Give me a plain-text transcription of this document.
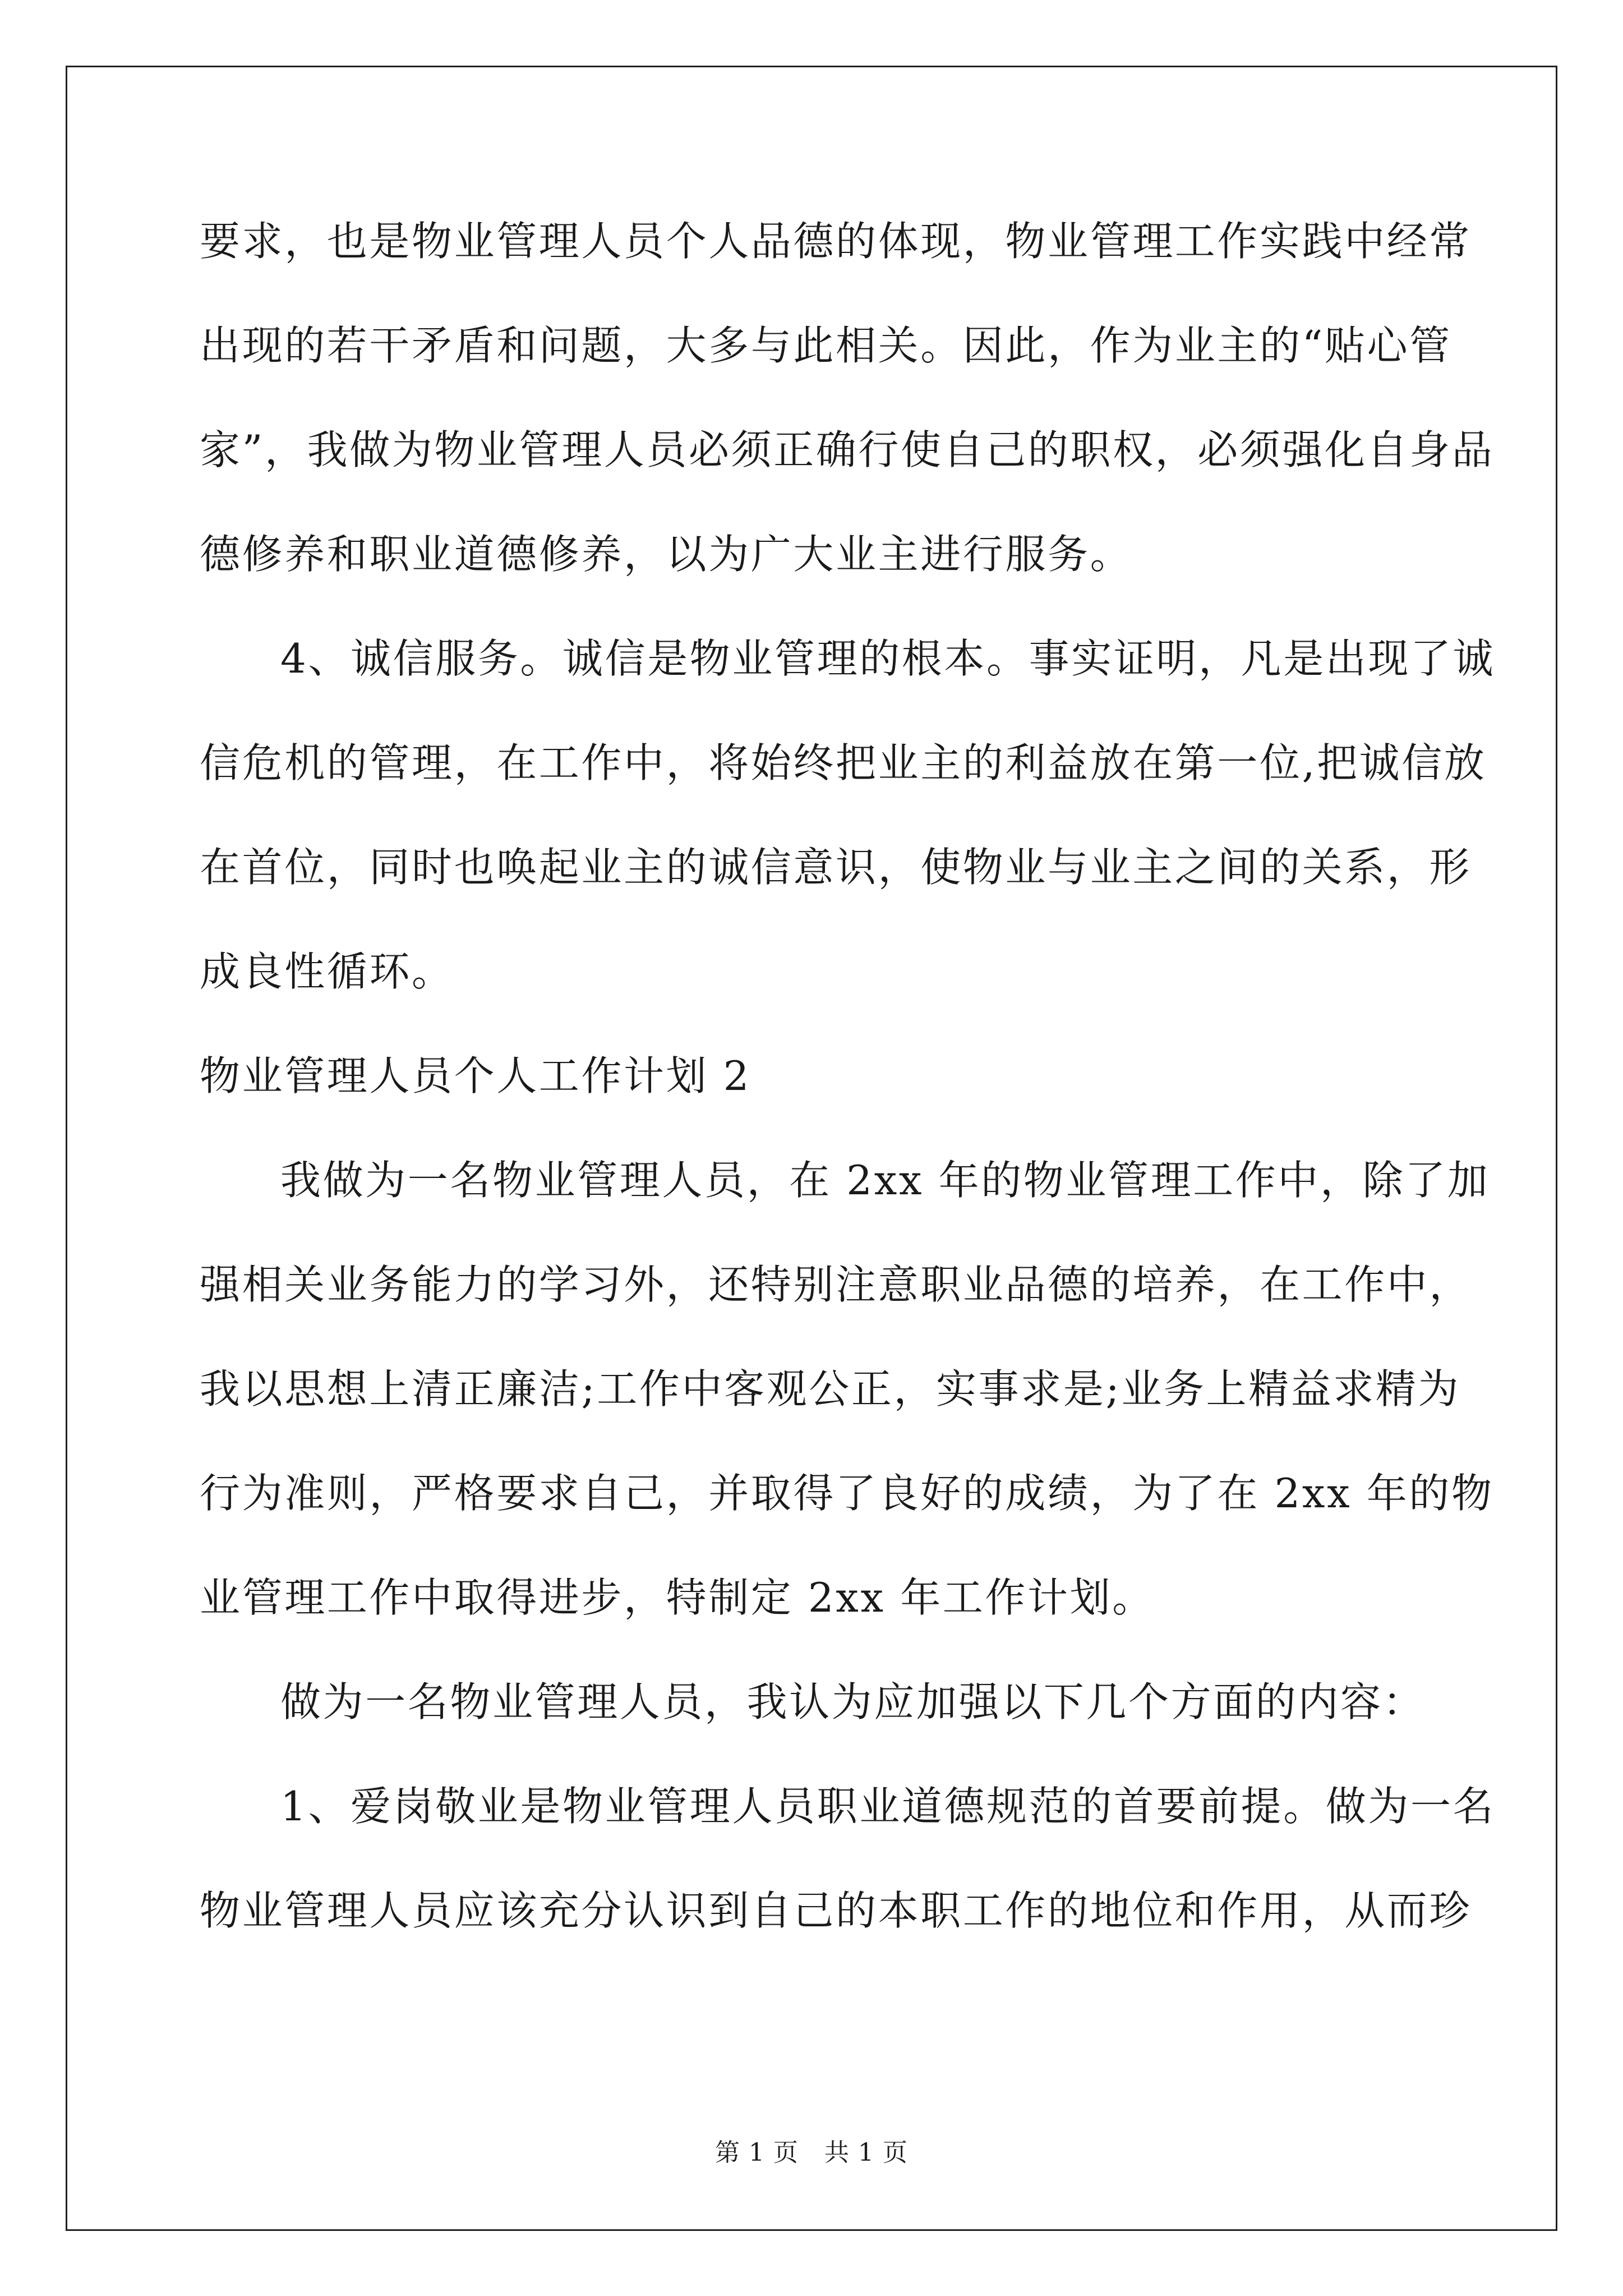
要求，也是物业管理人员个人品德的体现，物业管理工作实践中经常

出现的若干矛盾和问题，大多与此相关。因此，作为业主的“贴心管

家”，我做为物业管理人员必须正确行使自己的职权，必须强化自身品

德修养和职业道德修养，以为广大业主进行服务。

4、诚信服务。诚信是物业管理的根本。事实证明，凡是出现了诚

信危机的管理，在工作中，将始终把业主的利益放在第一位,把诚信放

在首位，同时也唤起业主的诚信意识，使物业与业主之间的关系，形

成良性循环。

物业管理人员个人工作计划 2

我做为一名物业管理人员，在 2xx 年的物业管理工作中，除了加

强相关业务能力的学习外，还特别注意职业品德的培养，在工作中，

我以思想上清正廉洁;工作中客观公正，实事求是;业务上精益求精为

行为准则，严格要求自己，并取得了良好的成绩，为了在 2xx 年的物

业管理工作中取得进步，特制定 2xx 年工作计划。

做为一名物业管理人员，我认为应加强以下几个方面的内容：

1、爱岗敬业是物业管理人员职业道德规范的首要前提。做为一名

物业管理人员应该充分认识到自己的本职工作的地位和作用，从而珍

第 1 页 共 1 页
